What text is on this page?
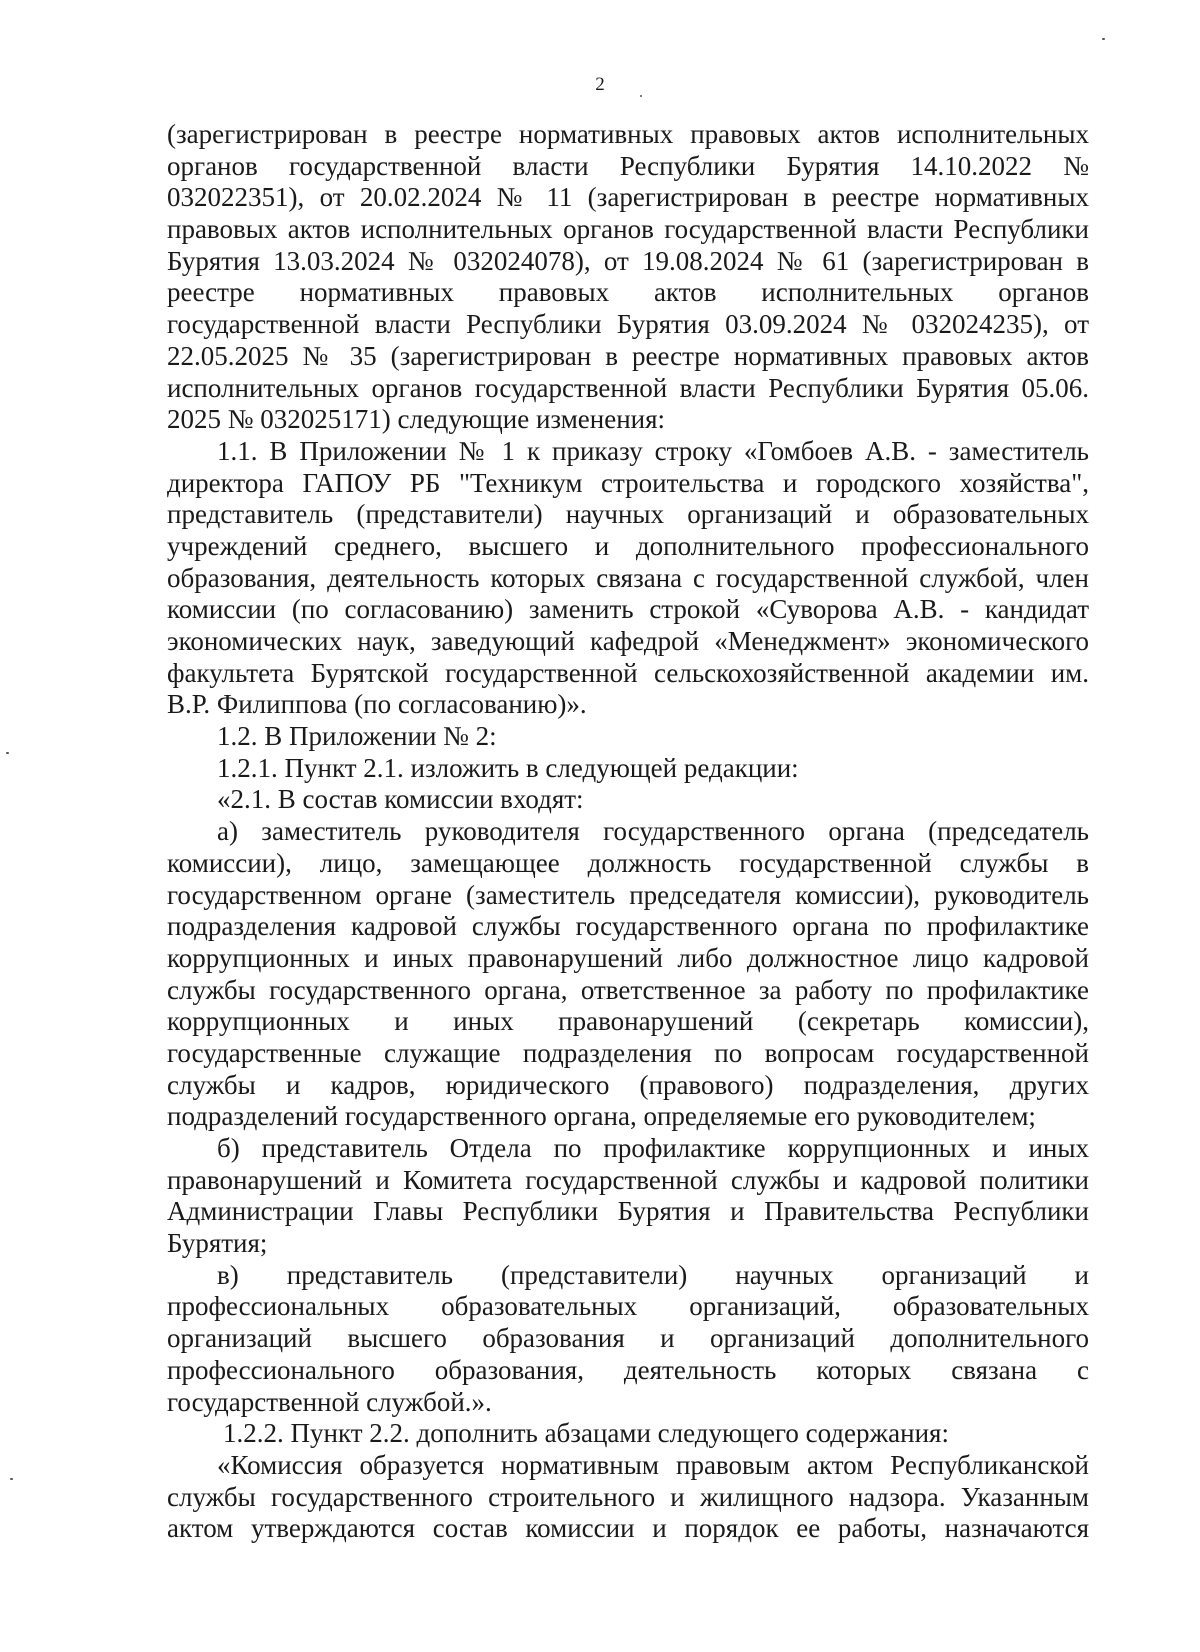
2
(зарегистрирован в реестре нормативных правовых актов исполнительных
органов государственной власти Республики Бурятия 14.10.2022 №
032022351), от 20.02.2024 № 11 (зарегистрирован в реестре нормативных
правовых актов исполнительных органов государственной власти Республики
Бурятия 13.03.2024 № 032024078), от 19.08.2024 № 61 (зарегистрирован в
реестре нормативных правовых актов исполнительных органов
государственной власти Республики Бурятия 03.09.2024 № 032024235), от
22.05.2025 № 35 (зарегистрирован в реестре нормативных правовых актов
исполнительных органов государственной власти Республики Бурятия 05.06.
2025 № 032025171) следующие изменения:
1.1. В Приложении № 1 к приказу строку «Гомбоев А.В. - заместитель
директора ГАПОУ РБ "Техникум строительства и городского хозяйства",
представитель (представители) научных организаций и образовательных
учреждений среднего, высшего и дополнительного профессионального
образования, деятельность которых связана с государственной службой, член
комиссии (по согласованию) заменить строкой «Суворова А.В. - кандидат
экономических наук, заведующий кафедрой «Менеджмент» экономического
факультета Бурятской государственной сельскохозяйственной академии им.
В.Р. Филиппова (по согласованию)».
1.2. В Приложении № 2:
1.2.1. Пункт 2.1. изложить в следующей редакции:
«2.1. В состав комиссии входят:
а) заместитель руководителя государственного органа (председатель
комиссии), лицо, замещающее должность государственной службы в
государственном органе (заместитель председателя комиссии), руководитель
подразделения кадровой службы государственного органа по профилактике
коррупционных и иных правонарушений либо должностное лицо кадровой
службы государственного органа, ответственное за работу по профилактике
коррупционных и иных правонарушений (секретарь комиссии),
государственные служащие подразделения по вопросам государственной
службы и кадров, юридического (правового) подразделения, других
подразделений государственного органа, определяемые его руководителем;
б) представитель Отдела по профилактике коррупционных и иных
правонарушений и Комитета государственной службы и кадровой политики
Администрации Главы Республики Бурятия и Правительства Республики
Бурятия;
в) представитель (представители) научных организаций и
профессиональных образовательных организаций, образовательных
организаций высшего образования и организаций дополнительного
профессионального образования, деятельность которых связана с
государственной службой.».
1.2.2. Пункт 2.2. дополнить абзацами следующего содержания:
«Комиссия образуется нормативным правовым актом Республиканской
службы государственного строительного и жилищного надзора. Указанным
актом утверждаются состав комиссии и порядок ее работы, назначаются
